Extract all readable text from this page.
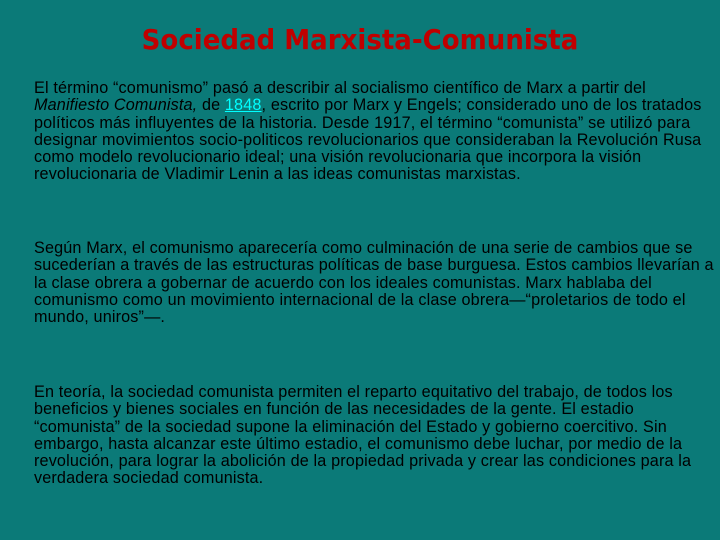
Sociedad Marxista-Comunista

El término “comunismo” pasó a describir al socialismo científico de Marx a partir del Manifiesto Comunista, de 1848, escrito por Marx y Engels; considerado uno de los tratados políticos más influyentes de la historia. Desde 1917, el término “comunista” se utilizó para designar movimientos socio-politicos revolucionarios que consideraban la Revolución Rusa como modelo revolucionario ideal; una visión revolucionaria que incorpora la visión revolucionaria de Vladimir Lenin a las ideas comunistas marxistas.

Según Marx, el comunismo aparecería como culminación de una serie de cambios que se sucederían a través de las estructuras políticas de base burguesa. Estos cambios llevarían a la clase obrera a gobernar de acuerdo con los ideales comunistas. Marx hablaba del comunismo como un movimiento internacional de la clase obrera—“proletarios de todo el mundo, uniros”—.

En teoría, la sociedad comunista permiten el reparto equitativo del trabajo, de todos los beneficios y bienes sociales en función de las necesidades de la gente. El estadio “comunista” de la sociedad supone la eliminación del Estado y gobierno coercitivo. Sin embargo, hasta alcanzar este último estadio, el comunismo debe luchar, por medio de la revolución, para lograr la abolición de la propiedad privada y crear las condiciones para la verdadera sociedad comunista.
